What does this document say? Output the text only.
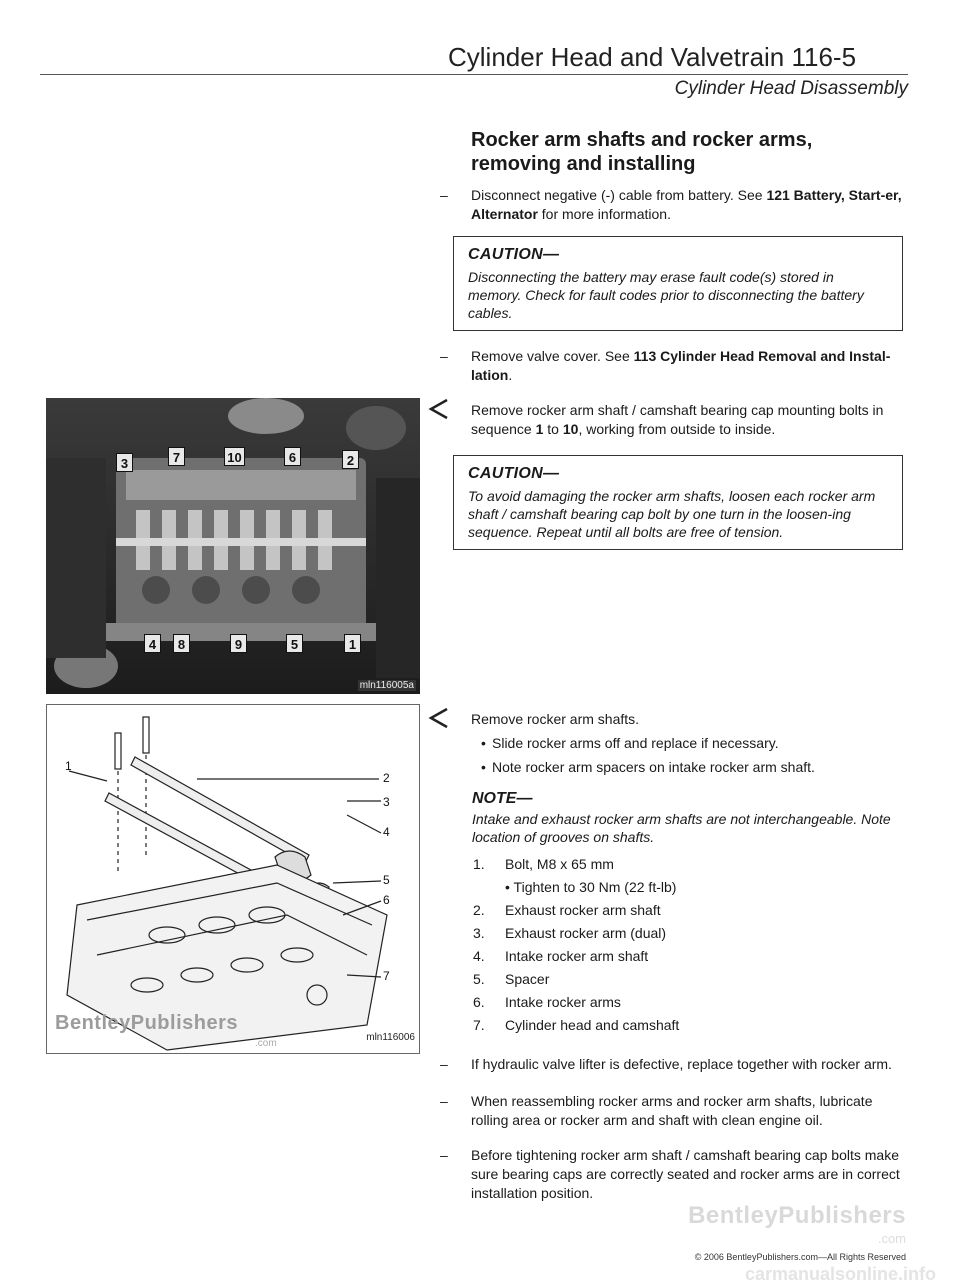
Cylinder Head and Valvetrain 116-5
Cylinder Head Disassembly
Rocker arm shafts and rocker arms,
removing and installing
–	Disconnect negative (-) cable from battery. See 121 Battery, Start-er, Alternator for more information.
CAUTION—
Disconnecting the battery may erase fault code(s) stored in memory. Check for fault codes prior to disconnecting the battery cables.
–	Remove valve cover. See 113 Cylinder Head Removal and Instal-lation.
Remove rocker arm shaft / camshaft bearing cap mounting bolts in sequence 1 to 10, working from outside to inside.
CAUTION—
To avoid damaging the rocker arm shafts, loosen each rocker arm shaft / camshaft bearing cap bolt by one turn in the loosen-ing sequence. Repeat until all bolts are free of tension.
Remove rocker arm shafts.
• Slide rocker arms off and replace if necessary.
• Note rocker arm spacers on intake rocker arm shaft.
NOTE—
Intake and exhaust rocker arm shafts are not interchangeable. Note location of grooves on shafts.
1.	Bolt, M8 x 65 mm
• Tighten to 30 Nm (22 ft-lb)
2.	Exhaust rocker arm shaft
3.	Exhaust rocker arm (dual)
4.	Intake rocker arm shaft
5.	Spacer
6.	Intake rocker arms
7.	Cylinder head and camshaft
–	If hydraulic valve lifter is defective, replace together with rocker arm.
–	When reassembling rocker arms and rocker arm shafts, lubricate rolling area or rocker arm and shaft with clean engine oil.
–	Before tightening rocker arm shaft / camshaft bearing cap bolts make sure bearing caps are correctly seated and rocker arms are in correct installation position.
3	7	10	6	2
4	8	9	5	1
mln116005a
1
2
3
4
5
6
7
BentleyPublishers
.com
mln116006
BentleyPublishers
.com
© 2006 BentleyPublishers.com—All Rights Reserved
carmanualsonline.info
